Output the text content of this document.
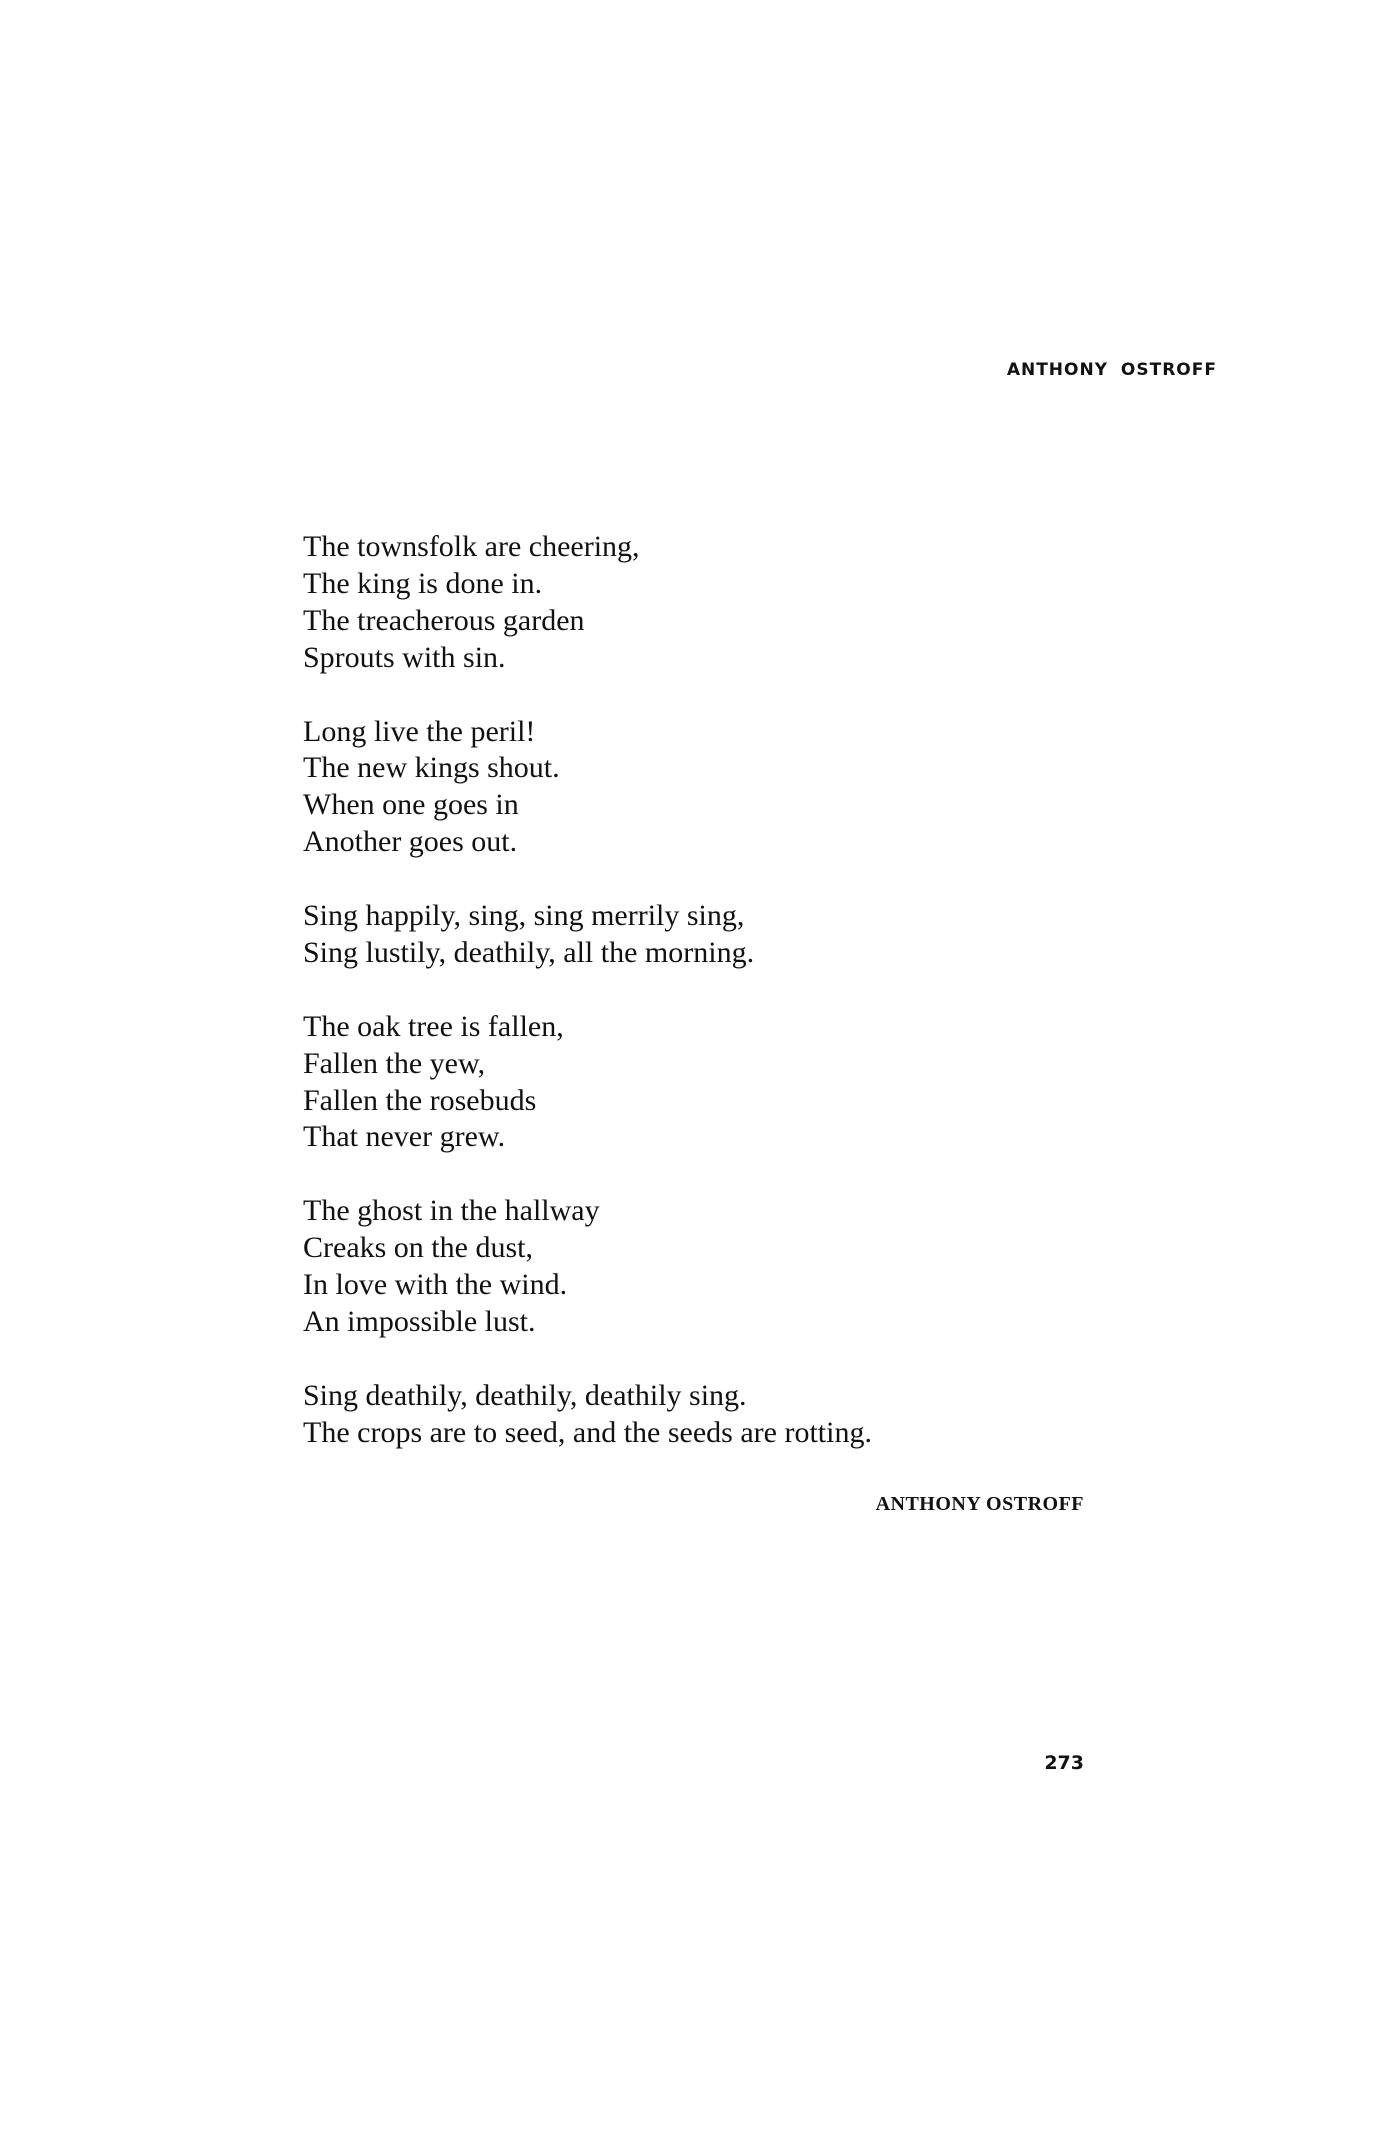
ANTHONY OSTROFF
The townsfolk are cheering,
The king is done in.
The treacherous garden
Sprouts with sin.
Long live the peril!
The new kings shout.
When one goes in
Another goes out.
Sing happily, sing, sing merrily sing,
Sing lustily, deathily, all the morning.
The oak tree is fallen,
Fallen the yew,
Fallen the rosebuds
That never grew.
The ghost in the hallway
Creaks on the dust,
In love with the wind.
An impossible lust.
Sing deathily, deathily, deathily sing.
The crops are to seed, and the seeds are rotting.
ANTHONY OSTROFF
273
